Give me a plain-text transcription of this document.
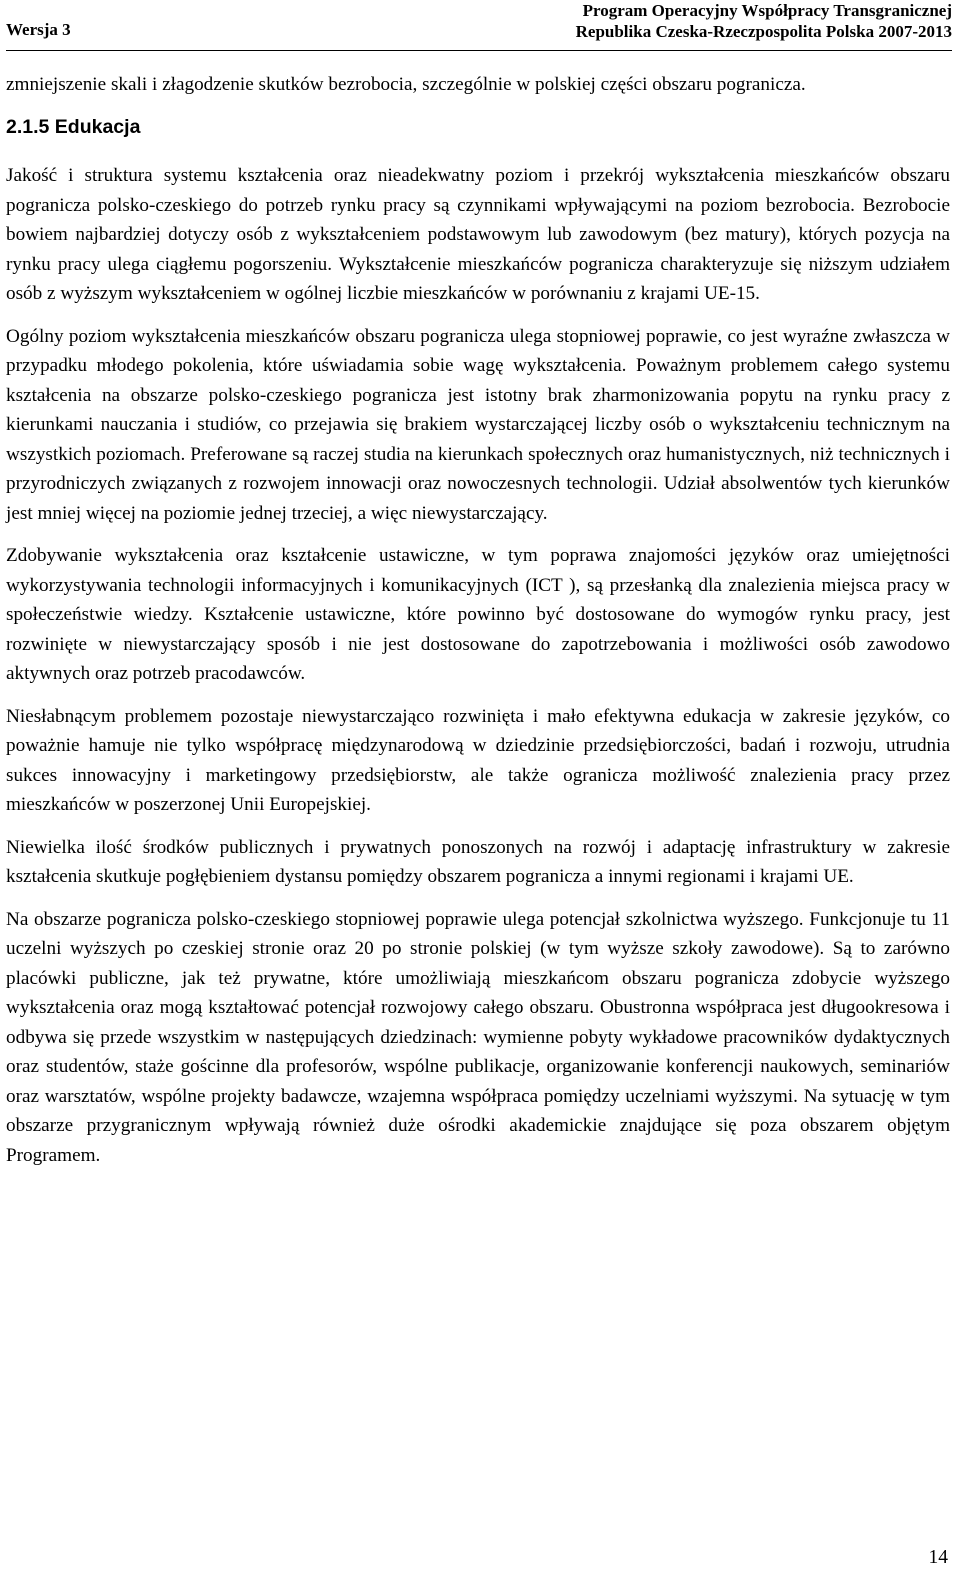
Wersja 3
Program Operacyjny Współpracy Transgranicznej
Republika Czeska-Rzeczpospolita Polska 2007-2013

zmniejszenie skali i złagodzenie skutków bezrobocia, szczególnie w polskiej części obszaru pogranicza.

2.1.5 Edukacja

Jakość i struktura systemu kształcenia oraz nieadekwatny poziom i przekrój wykształcenia mieszkańców obszaru pogranicza polsko-czeskiego do potrzeb rynku pracy są czynnikami wpływającymi na poziom bezrobocia. Bezrobocie bowiem najbardziej dotyczy osób z wykształceniem podstawowym lub zawodowym (bez matury), których pozycja na rynku pracy ulega ciągłemu pogorszeniu. Wykształcenie mieszkańców pogranicza charakteryzuje się niższym udziałem osób z wyższym wykształceniem w ogólnej liczbie mieszkańców w porównaniu z krajami UE-15.

Ogólny poziom wykształcenia mieszkańców obszaru pogranicza ulega stopniowej poprawie, co jest wyraźne zwłaszcza w przypadku młodego pokolenia, które uświadamia sobie wagę wykształcenia. Poważnym problemem całego systemu kształcenia na obszarze polsko-czeskiego pogranicza jest istotny brak zharmonizowania popytu na rynku pracy z kierunkami nauczania i studiów, co przejawia się brakiem wystarczającej liczby osób o wykształceniu technicznym na wszystkich poziomach. Preferowane są raczej studia na kierunkach społecznych oraz humanistycznych, niż technicznych i przyrodniczych związanych z rozwojem innowacji oraz nowoczesnych technologii. Udział absolwentów tych kierunków jest mniej więcej na poziomie jednej trzeciej, a więc niewystarczający.

Zdobywanie wykształcenia oraz kształcenie ustawiczne, w tym poprawa znajomości języków oraz umiejętności wykorzystywania technologii informacyjnych i komunikacyjnych (ICT ), są przesłanką dla znalezienia miejsca pracy w społeczeństwie wiedzy. Kształcenie ustawiczne, które powinno być dostosowane do wymogów rynku pracy, jest rozwinięte w niewystarczający sposób i nie jest dostosowane do zapotrzebowania i możliwości osób zawodowo aktywnych oraz potrzeb pracodawców.

Niesłabnącym problemem pozostaje niewystarczająco rozwinięta i mało efektywna edukacja w zakresie języków, co poważnie hamuje nie tylko współpracę międzynarodową w dziedzinie przedsiębiorczości, badań i rozwoju, utrudnia sukces innowacyjny i marketingowy przedsiębiorstw, ale także ogranicza możliwość znalezienia pracy przez mieszkańców w poszerzonej Unii Europejskiej.

Niewielka ilość środków publicznych i prywatnych ponoszonych na rozwój i adaptację infrastruktury w zakresie kształcenia skutkuje pogłębieniem dystansu pomiędzy obszarem pogranicza a innymi regionami i krajami UE.

Na obszarze pogranicza polsko-czeskiego stopniowej poprawie ulega potencjał szkolnictwa wyższego. Funkcjonuje tu 11 uczelni wyższych po czeskiej stronie oraz 20 po stronie polskiej (w tym wyższe szkoły zawodowe). Są to zarówno placówki publiczne, jak też prywatne, które umożliwiają mieszkańcom obszaru pogranicza zdobycie wyższego wykształcenia oraz mogą kształtować potencjał rozwojowy całego obszaru. Obustronna współpraca jest długookresowa i odbywa się przede wszystkim w następujących dziedzinach: wymienne pobyty wykładowe pracowników dydaktycznych oraz studentów, staże gościnne dla profesorów, wspólne publikacje, organizowanie konferencji naukowych, seminariów oraz warsztatów, wspólne projekty badawcze, wzajemna współpraca pomiędzy uczelniami wyższymi. Na sytuację w tym obszarze przygranicznym wpływają również duże ośrodki akademickie znajdujące się poza obszarem objętym Programem.

14
